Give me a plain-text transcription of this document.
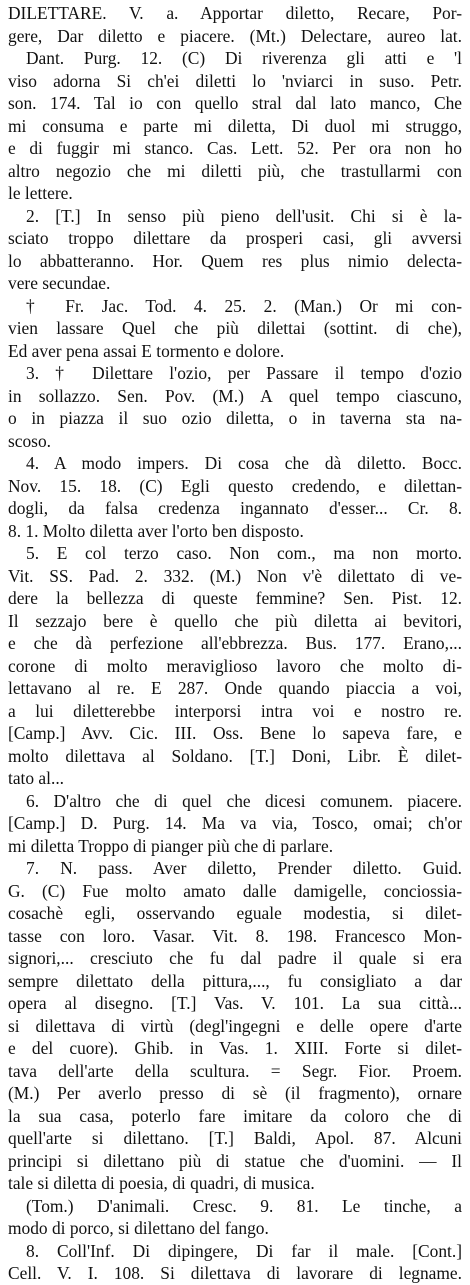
DILETTARE. V. a. Apportar diletto, Recare, Por-
gere, Dar diletto e piacere. (Mt.) Delectare, aureo lat.
Dant. Purg. 12. (C) Di riverenza gli atti e 'l
viso adorna Si ch'ei diletti lo 'nviarci in suso. Petr.
son. 174. Tal io con quello stral dal lato manco, Che
mi consuma e parte mi diletta, Di duol mi struggo,
e di fuggir mi stanco. Cas. Lett. 52. Per ora non ho
altro negozio che mi diletti più, che trastullarmi con
le lettere.
2. [T.] In senso più pieno dell'usit. Chi si è la-
sciato troppo dilettare da prosperi casi, gli avversi
lo abbatteranno. Hor. Quem res plus nimio delecta-
vere secundae.
† Fr. Jac. Tod. 4. 25. 2. (Man.) Or mi con-
vien lassare Quel che più dilettai (sottint. di che),
Ed aver pena assai E tormento e dolore.
3. † Dilettare l'ozio, per Passare il tempo d'ozio
in sollazzo. Sen. Pov. (M.) A quel tempo ciascuno,
o in piazza il suo ozio diletta, o in taverna sta na-
scoso.
4. A modo impers. Di cosa che dà diletto. Bocc.
Nov. 15. 18. (C) Egli questo credendo, e dilettan-
dogli, da falsa credenza ingannato d'esser... Cr. 8.
8. 1. Molto diletta aver l'orto ben disposto.
5. E col terzo caso. Non com., ma non morto.
Vit. SS. Pad. 2. 332. (M.) Non v'è dilettato di ve-
dere la bellezza di queste femmine? Sen. Pist. 12.
Il sezzajo bere è quello che più diletta ai bevitori,
e che dà perfezione all'ebbrezza. Bus. 177. Erano,...
corone di molto meraviglioso lavoro che molto di-
lettavano al re. E 287. Onde quando piaccia a voi,
a lui diletterebbe interporsi intra voi e nostro re.
[Camp.] Avv. Cic. III. Oss. Bene lo sapeva fare, e
molto dilettava al Soldano. [T.] Doni, Libr. È dilet-
tato al...
6. D'altro che di quel che dicesi comunem. piacere.
[Camp.] D. Purg. 14. Ma va via, Tosco, omai; ch'or
mi diletta Troppo di pianger più che di parlare.
7. N. pass. Aver diletto, Prender diletto. Guid.
G. (C) Fue molto amato dalle damigelle, conciossia-
cosachè egli, osservando eguale modestia, si dilet-
tasse con loro. Vasar. Vit. 8. 198. Francesco Mon-
signori,... cresciuto che fu dal padre il quale si era
sempre dilettato della pittura,..., fu consigliato a dar
opera al disegno. [T.] Vas. V. 101. La sua città...
si dilettava di virtù (degl'ingegni e delle opere d'arte
e del cuore). Ghib. in Vas. 1. XIII. Forte si dilet-
tava dell'arte della scultura. = Segr. Fior. Proem.
(M.) Per averlo presso di sè (il fragmento), ornare
la sua casa, poterlo fare imitare da coloro che di
quell'arte si dilettano. [T.] Baldi, Apol. 87. Alcuni
principi si dilettano più di statue che d'uomini. — Il
tale si diletta di poesia, di quadri, di musica.
(Tom.) D'animali. Cresc. 9. 81. Le tinche, a
modo di porco, si dilettano del fango.
8. Coll'Inf. Di dipingere, Di far il male. [Cont.]
Cell. V. I. 108. Si dilettava di lavorare di legname.
